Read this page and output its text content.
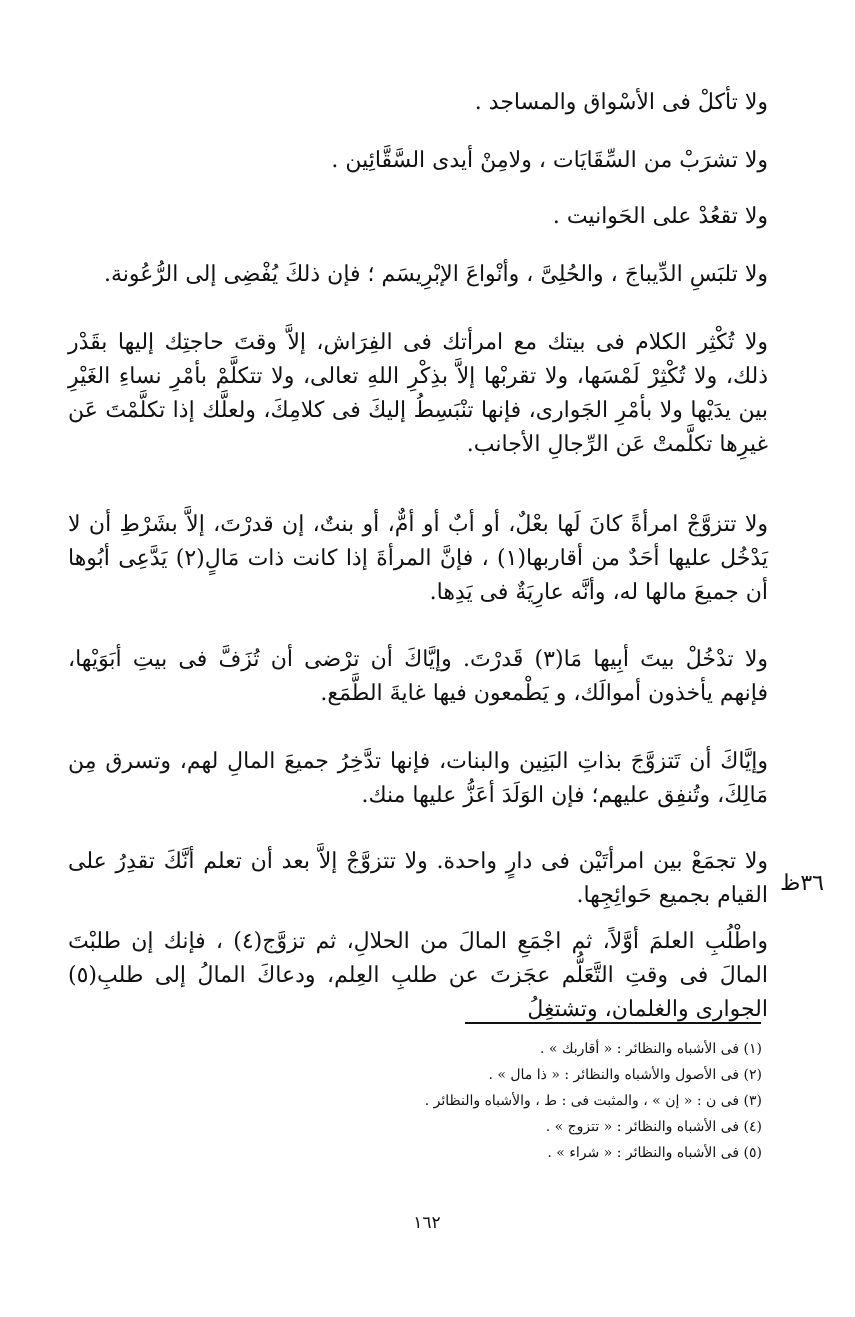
ولا تأكلْ فى الأسْواق والمساجد .

ولا تشرَبْ من السِّقَايَات ، ولامِنْ أيدى السَّقَّائِين .

ولا تقعُدْ على الحَوانيت .

ولا تلبَسِ الدِّيباجَ ، والحُلِىَّ ، وأنْواعَ الإبْرِيسَم ؛ فإن ذلكَ يُفْضِى إلى الرُّعُونة.

ولا تُكْثِر الكلام فى بيتك مع امرأتك فى الفِرَاش، إلاَّ وقتَ حاجتِك إليها بقَدْر ذلك، ولا تُكْثِرْ لَمْسَها، ولا تقربْها إلاَّ بذِكْرِ اللهِ تعالى، ولا تتكلَّمْ بأمْرِ نساءِ الغَيْرِ بين يدَيْها ولا بأمْرِ الجَوارى، فإنها تنْبَسِطُ إليكَ فى كلامِكَ، ولعلَّك إذا تكلَّمْتَ عَن غيرِها تكلَّمتْ عَن الرِّجالِ الأجانب.

ولا تتزوَّجْ امرأةً كانَ لَها بعْلٌ، أو أبٌ أو أمٌّ، أو بنتٌ، إن قدرْتَ، إلاَّ بشَرْطِ أن لا يَدْخُل عليها أحَدٌ من أقاربها(١) ، فإنَّ المرأةَ إذا كانت ذات مَالٍ(٢) يَدَّعِى أبُوها أن جميعَ مالها له، وأنَّه عارِيَةٌ فى يَدِها.

ولا تدْخُلْ بيتَ أبِيها مَا(٣) قَدرْتَ. وإيَّاكَ أن ترْضى أن تُزَفَّ فى بيتِ أبَوَيْها، فإنهم يأخذون أموالَك، و يَطْمعون فيها غايةَ الطَّمَع.

وإيَّاكَ أن تَتزوَّجَ بذاتِ البَنِين والبنات، فإنها تدَّخِرُ جميعَ المالِ لهم، وتسرق مِن مَالِكَ، وتُنفِق عليهم؛ فإن الوَلَدَ أعَزُّ عليها منك.

ولا تجمَعْ بين امرأتَيْن فى دارٍ واحدة. ولا تتزوَّجْ إلاَّ بعد أن تعلم أنَّكَ تقدِرُ على القيام بجميع حَوائِجِها.

واطْلُبِ العلمَ أوَّلاً، ثم اجْمَعِ المالَ من الحلالِ، ثم تزوَّج(٤) ، فإنك إن طلبْتَ المالَ فى وقتِ التَّعَلُّم عجَزتَ عن طلبِ العِلم، ودعاكَ المالُ إلى طلبِ(٥) الجوارى والغلمان، وتشتغِلُ

٣٦ظ
(١) فى الأشباه والنظائر : « أقاربك » .
(٢) فى الأصول والأشباه والنظائر : « ذا مال » .
(٣) فى ن : « إن » ، والمثبت فى : ط ، والأشباه والنظائر .
(٤) فى الأشباه والنظائر : « تتزوج » .
(٥) فى الأشباه والنظائر : « شراء » .
١٦٢
